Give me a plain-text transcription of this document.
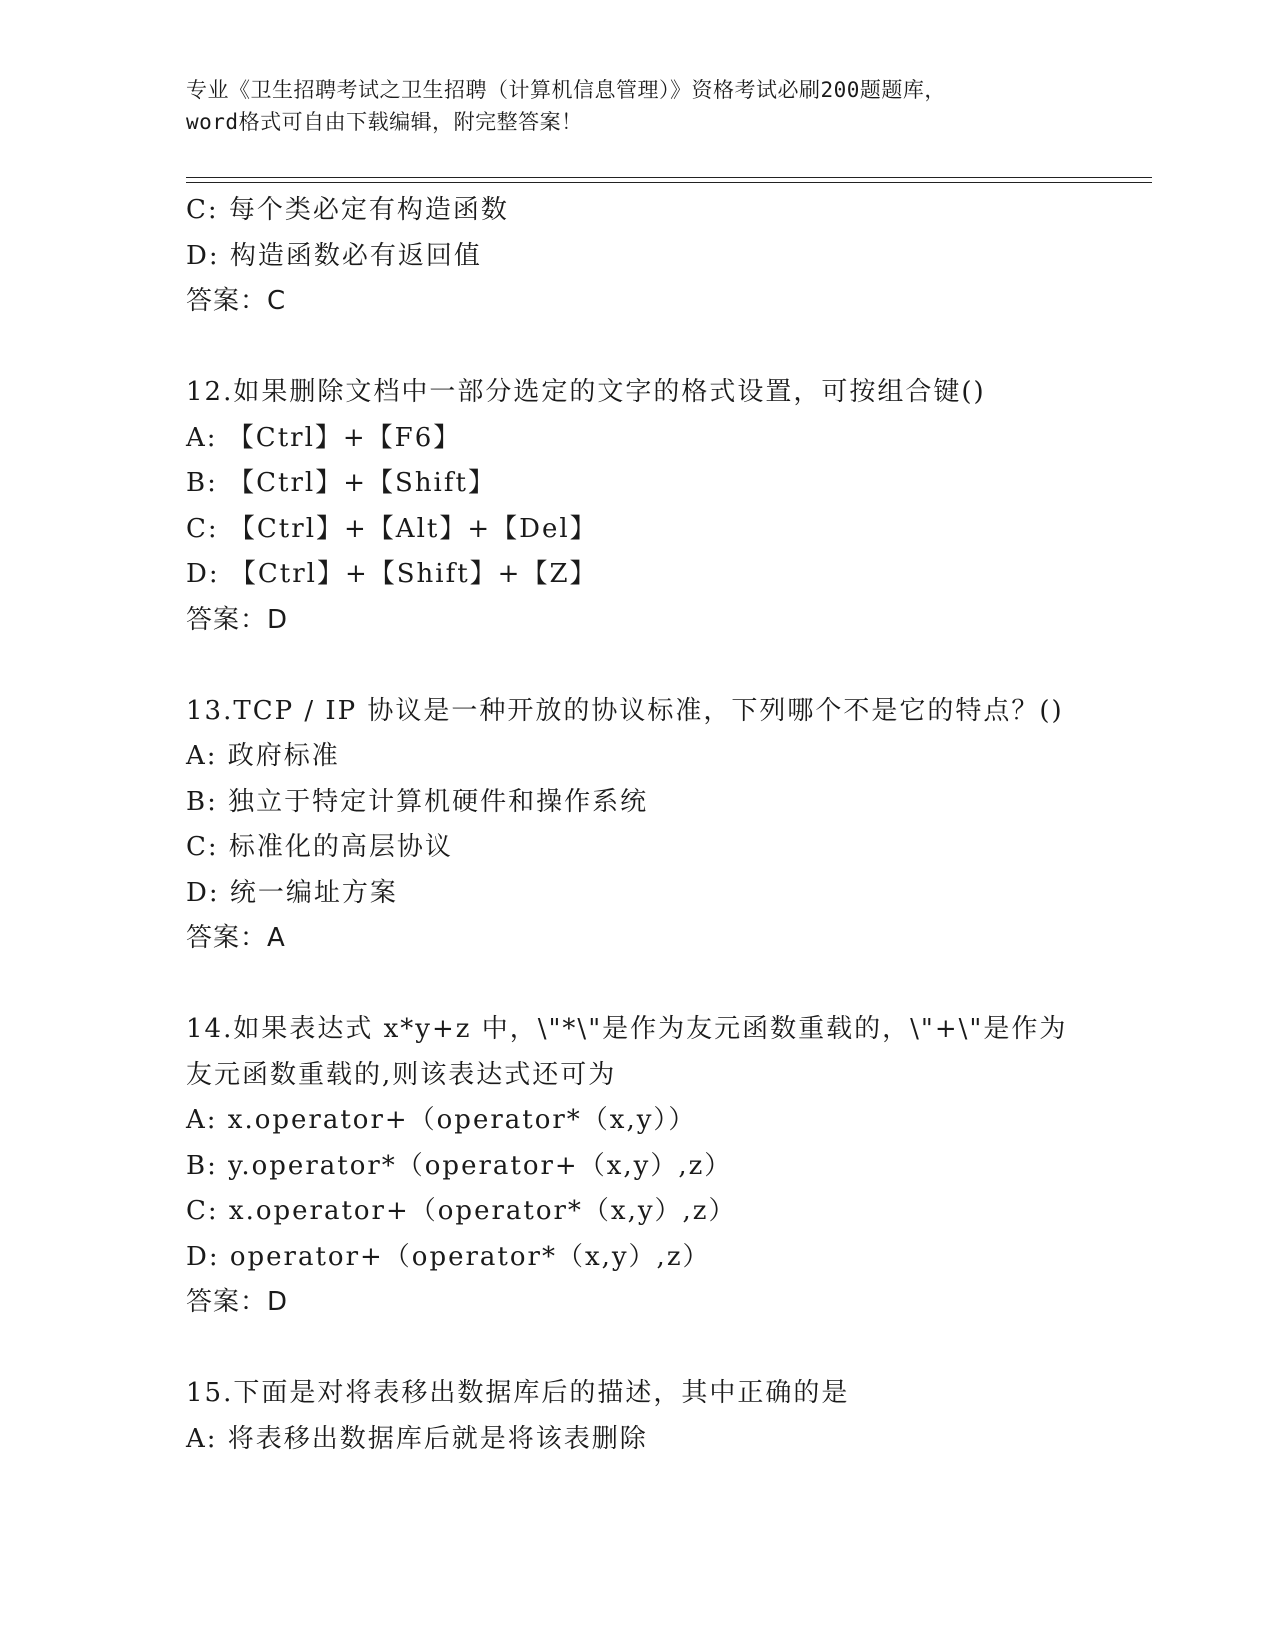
专业《卫生招聘考试之卫生招聘（计算机信息管理）》资格考试必刷200题题库，
word格式可自由下载编辑，附完整答案！
C: 每个类必定有构造函数
D: 构造函数必有返回值
答案：C
12.如果删除文档中一部分选定的文字的格式设置，可按组合键()
A: 【Ctrl】+【F6】
B: 【Ctrl】+【Shift】
C: 【Ctrl】+【Alt】+【Del】
D: 【Ctrl】+【Shift】+【Z】
答案：D
13.TCP / IP 协议是一种开放的协议标准，下列哪个不是它的特点？()
A: 政府标准
B: 独立于特定计算机硬件和操作系统
C: 标准化的高层协议
D: 统一编址方案
答案：A
14.如果表达式 x*y+z 中，\"*\"是作为友元函数重载的，\"+\"是作为
友元函数重载的,则该表达式还可为
A: x.operator+（operator*（x,y））
B: y.operator*（operator+（x,y）,z）
C: x.operator+（operator*（x,y）,z）
D: operator+（operator*（x,y）,z）
答案：D
15.下面是对将表移出数据库后的描述，其中正确的是
A: 将表移出数据库后就是将该表删除
